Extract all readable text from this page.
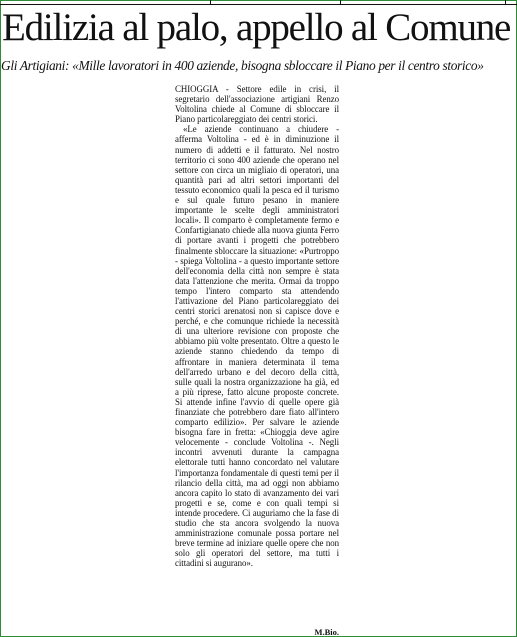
Edilizia al palo, appello al Comune

Gli Artigiani: «Mille lavoratori in 400 aziende, bisogna sbloccare il Piano per il centro storico»

CHIOGGIA - Settore edile in crisi, il segretario dell'associazione artigiani Renzo Voltolina chiede al Comune di sbloccare il Piano particolareggiato dei centri storici.

«Le aziende continuano a chiudere - afferma Voltolina - ed è in diminuzione il numero di addetti e il fatturato. Nel nostro territorio ci sono 400 aziende che operano nel settore con circa un migliaio di operatori, una quantità pari ad altri settori importanti del tessuto economico quali la pesca ed il turismo e sul quale futuro pesano in maniere importante le scelte degli amministratori locali». Il comparto è completamente fermo e Confartigianato chiede alla nuova giunta Ferro di portare avanti i progetti che potrebbero finalmente sbloccare la situazione: «Purtroppo - spiega Voltolina - a questo importante settore dell'economia della città non sempre è stata data l'attenzione che merita. Ormai da troppo tempo l'intero comparto sta attendendo l'attivazione del Piano particolareggiato dei centri storici arenatosi non si capisce dove e perché, e che comunque richiede la necessità di una ulteriore revisione con proposte che abbiamo più volte presentato. Oltre a questo le aziende stanno chiedendo da tempo di affrontare in maniera determinata il tema dell'arredo urbano e del decoro della città, sulle quali la nostra organizzazione ha già, ed a più riprese, fatto alcune proposte concrete. Si attende infine l'avvio di quelle opere già finanziate che potrebbero dare fiato all'intero comparto edilizio». Per salvare le aziende bisogna fare in fretta: «Chioggia deve agire velocemente - conclude Voltolina -. Negli incontri avvenuti durante la campagna elettorale tutti hanno concordato nel valutare l'importanza fondamentale di questi temi per il rilancio della città, ma ad oggi non abbiamo ancora capito lo stato di avanzamento dei vari progetti e se, come e con quali tempi si intende procedere. Ci auguriamo che la fase di studio che sta ancora svolgendo la nuova amministrazione comunale possa portare nel breve termine ad iniziare quelle opere che non solo gli operatori del settore, ma tutti i cittadini si augurano».

M.Bio.
